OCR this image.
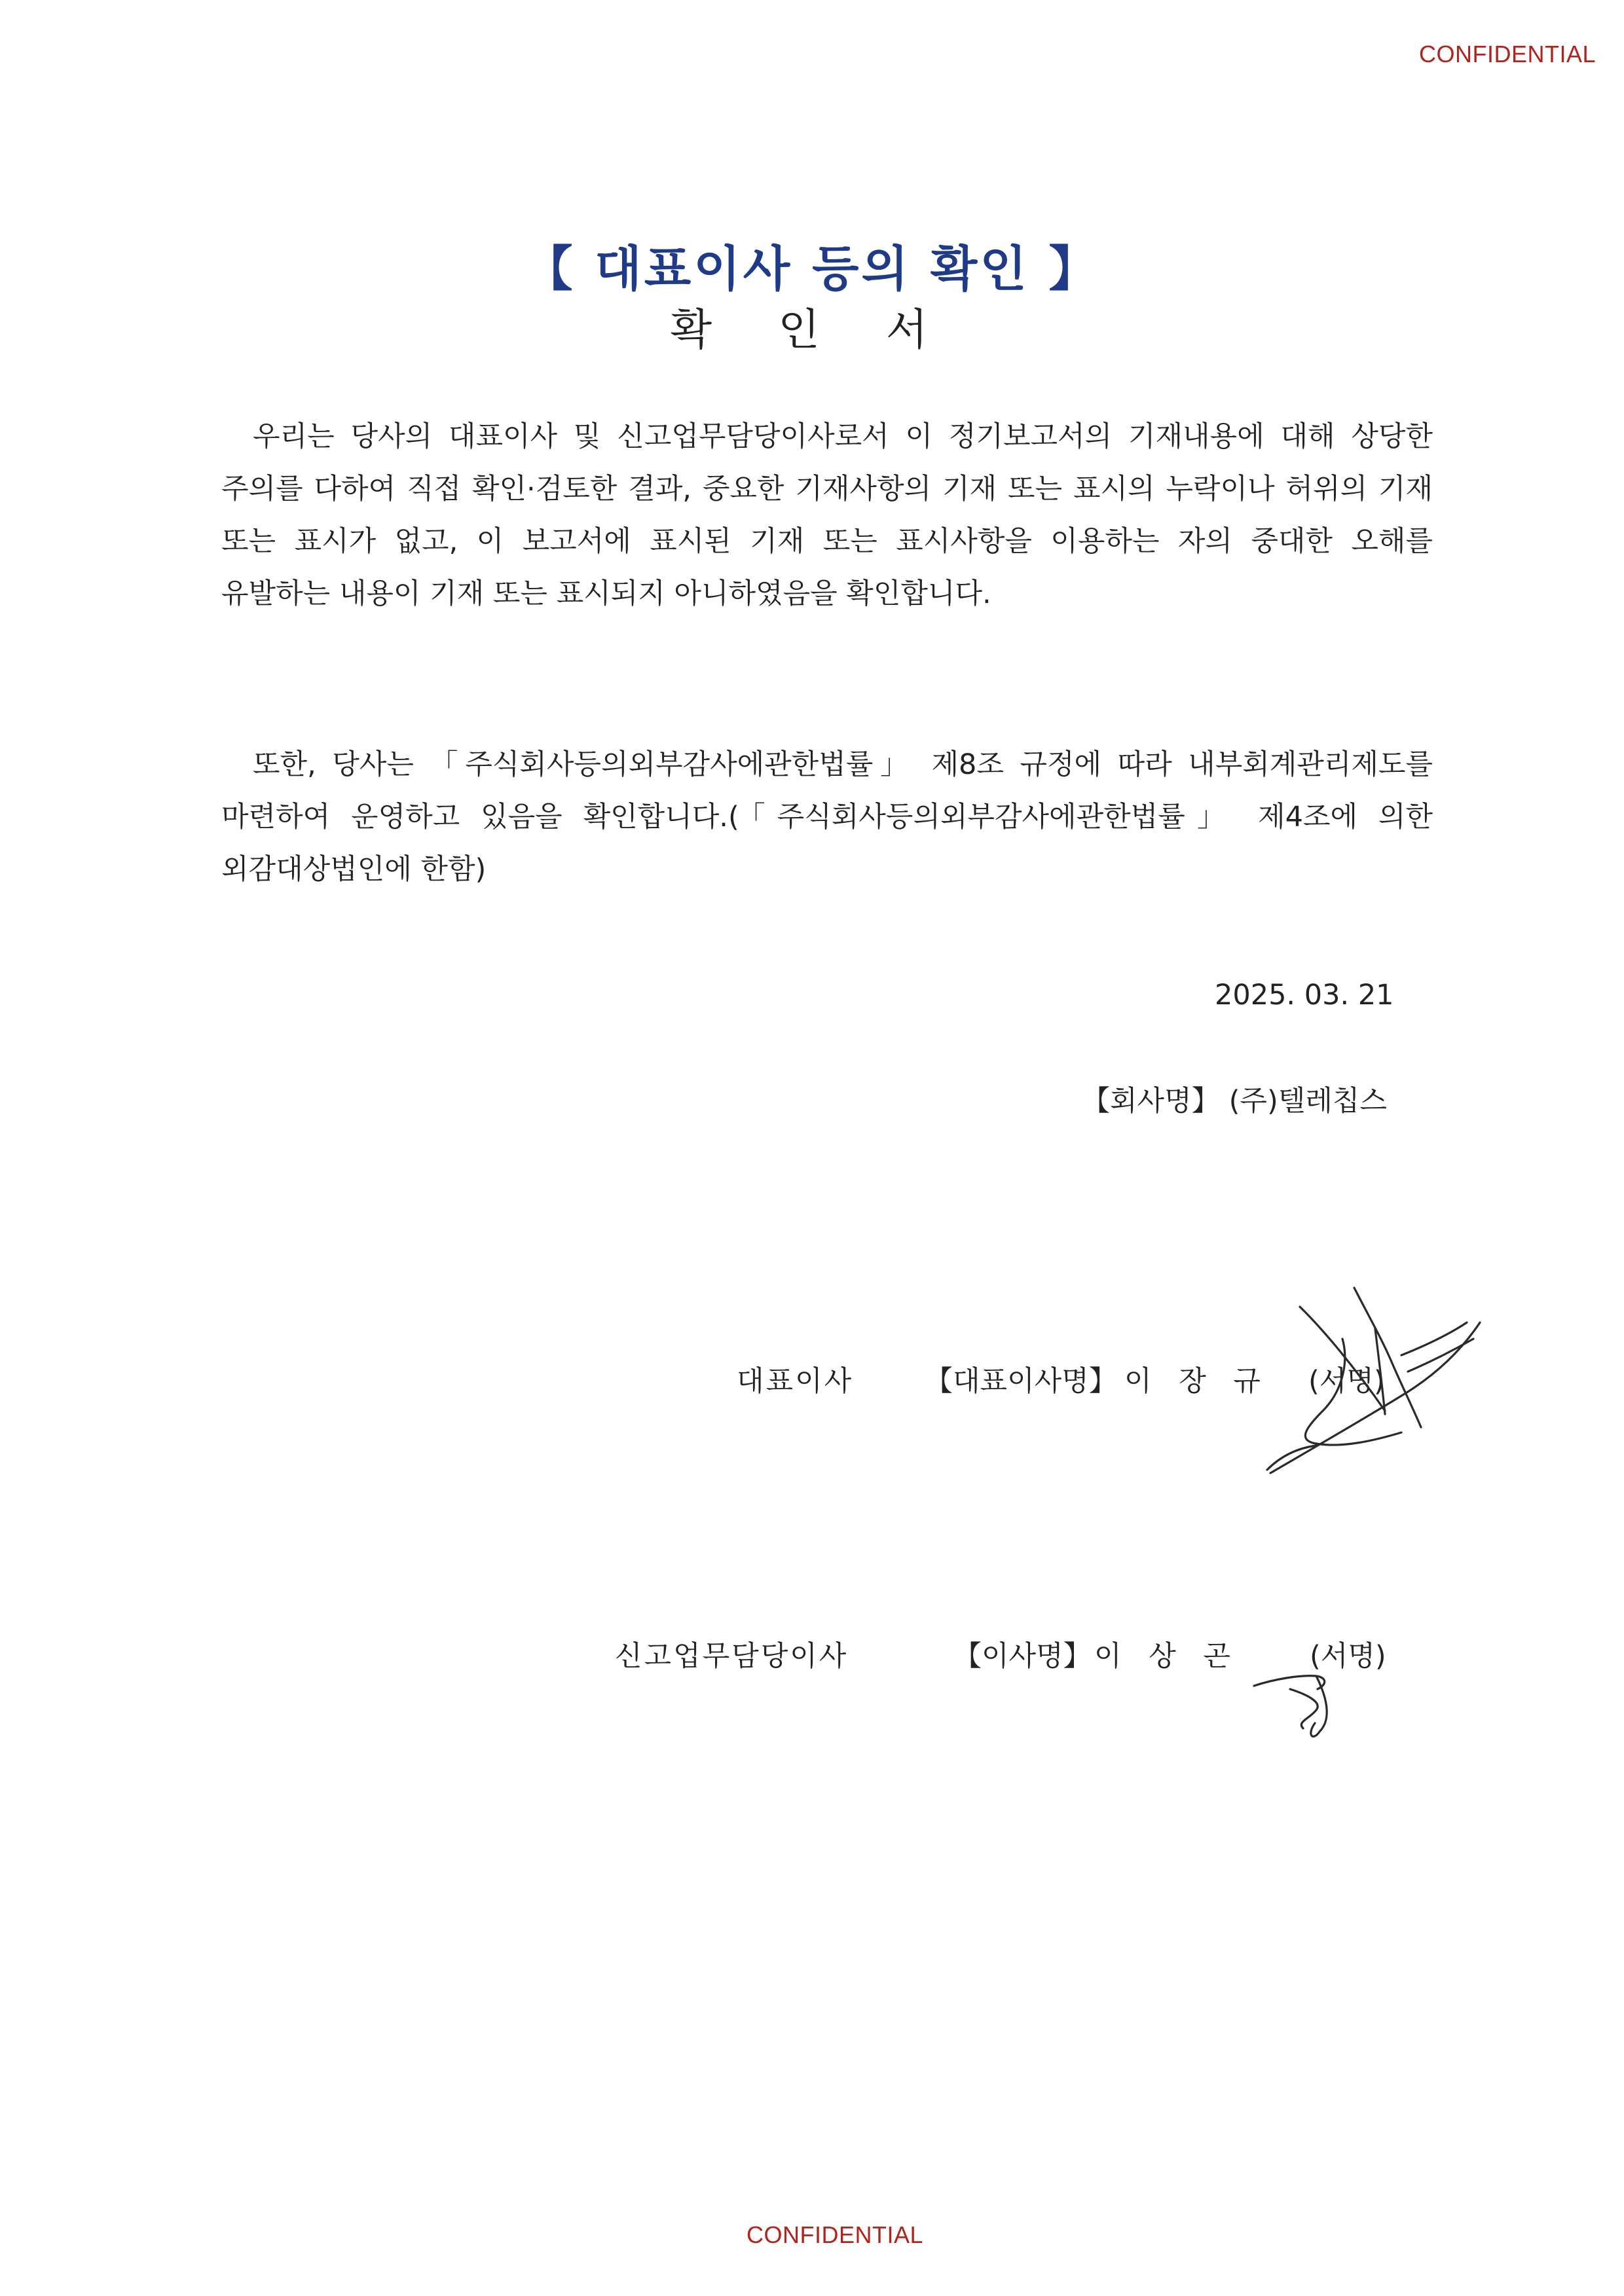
CONFIDENTIAL
【 대표이사 등의 확인 】
확 인 서
우리는 당사의 대표이사 및 신고업무담당이사로서 이 정기보고서의 기재내용에 대해 상당한 주의를 다하여 직접 확인·검토한 결과, 중요한 기재사항의 기재 또는 표시의 누락이나 허위의 기재 또는 표시가 없고, 이 보고서에 표시된 기재 또는 표시사항을 이용하는 자의 중대한 오해를 유발하는 내용이 기재 또는 표시되지 아니하였음을 확인합니다.
또한, 당사는 「주식회사등의외부감사에관한법률」 제8조 규정에 따라 내부회계관리제도를 마련하여 운영하고 있음을 확인합니다.(「주식회사등의외부감사에관한법률」 제4조에 의한 외감대상법인에 한함)
2025. 03. 21
【회사명】 (주)텔레칩스
대표이사	【대표이사명】 이 장 규 (서명)
신고업무담당이사	【이사명】 이 상 곤 (서명)
CONFIDENTIAL
